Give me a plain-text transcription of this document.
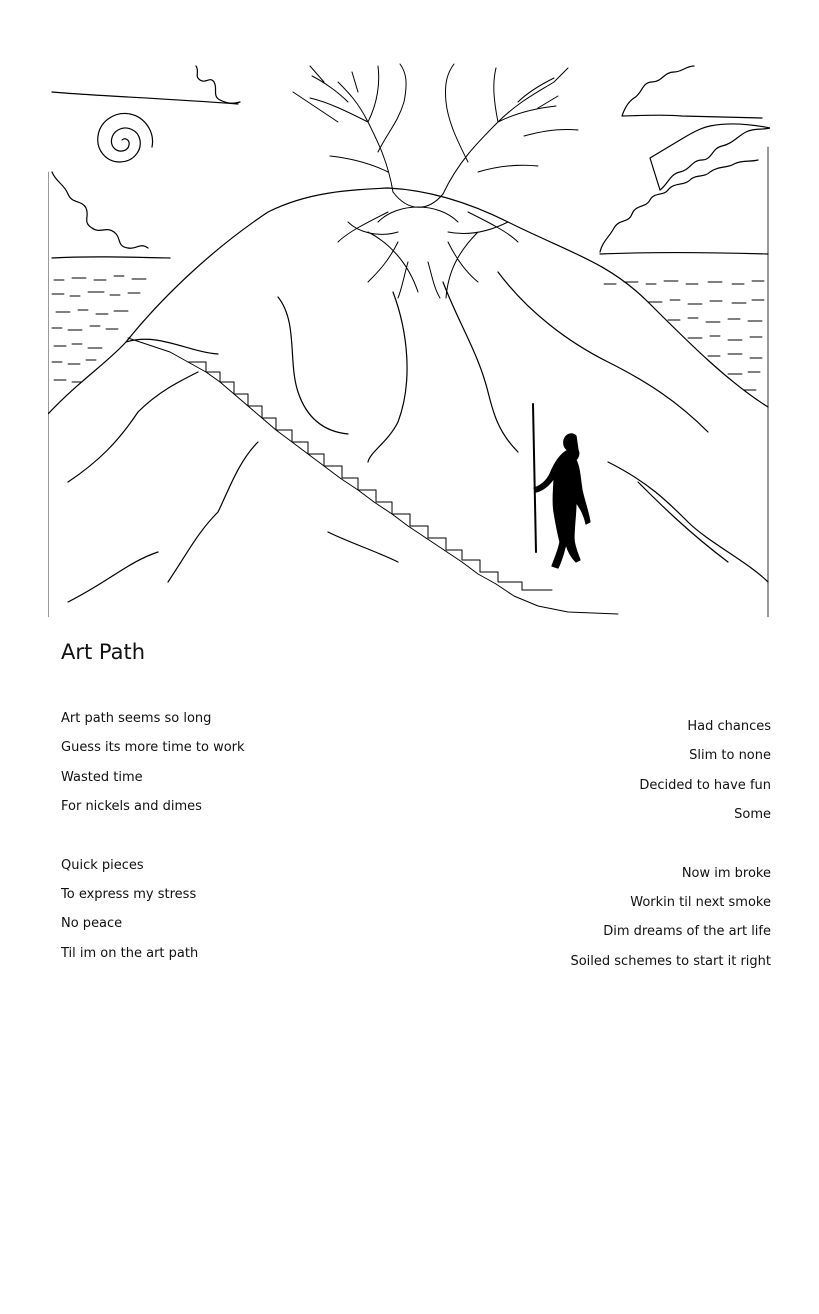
Art Path
Art path seems so long
Guess its more time to work
Wasted time
For nickels and dimes
Quick pieces
To express my stress
No peace
Til im on the art path
Had chances
Slim to none
Decided to have fun
Some
Now im broke
Workin til next smoke
Dim dreams of the art life
Soiled schemes to start it right
